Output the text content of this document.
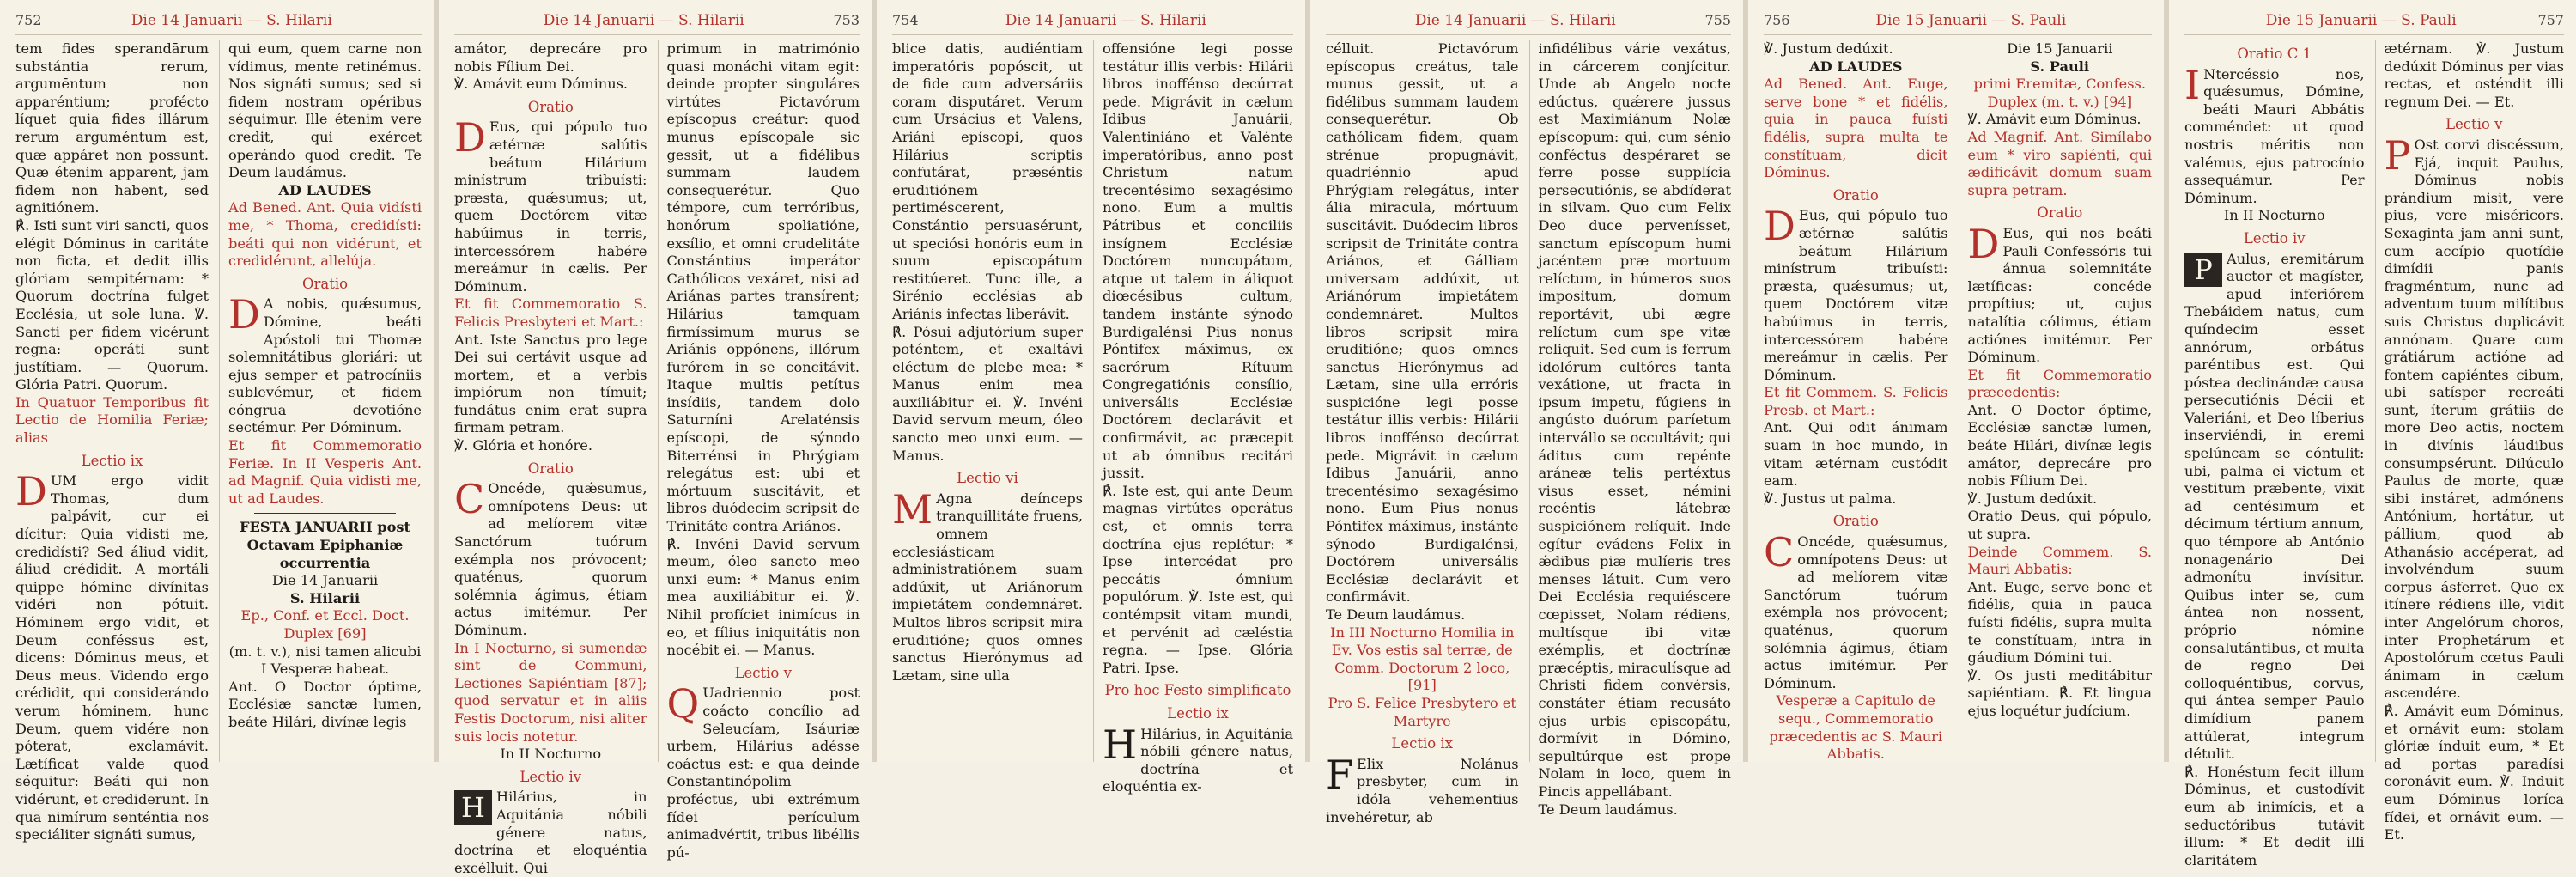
752	Die 14 Januarii — S. Hilarii

tem fides sperandārum substántia rerum, argumēntum non apparéntium; profécto líquet quia fides illárum rerum arguméntum est, quæ appáret non possunt. Quæ étenim apparent, jam fidem non habent, sed agnitiónem.

℟. Isti sunt viri sancti, quos elégit Dóminus in caritáte non ficta, et dedit illis glóriam sempitérnam: * Quorum doctrína fulget Ecclésia, ut sole luna. ℣. Sancti per fidem vicérunt regna: operáti sunt justítiam. — Quorum. Glória Patri. Quorum.

In Quatuor Temporibus fit Lectio de Homilia Feriæ; alias

Lectio ix

DUM ergo vidit Thomas, dum palpávit, cur ei dícitur: Quia vidisti me, credidísti? Sed áliud vidit, áliud crédidit. A mortáli quippe hómine divínitas vidéri non pótuit. Hóminem ergo vidit, et Deum conféssus est, dicens: Dóminus meus, et Deus meus. Videndo ergo crédidit, qui considerándo verum hóminem, hunc Deum, quem vidére non póterat, exclamávit. Lætíficat valde quod séquitur: Beáti qui non vidérunt, et crediderunt. In qua nimírum senténtia nos speciáliter signáti sumus,

qui eum, quem carne non vídimus, mente retinémus. Nos signáti sumus; sed si fidem nostram opéribus séquimur. Ille étenim vere credit, qui exércet operándo quod credit. Te Deum laudámus.

AD LAUDES

Ad Bened. Ant. Quia vidísti me, * Thoma, credidísti: beáti qui non vidérunt, et credidérunt, allelúja.

Oratio

D A nobis, quǽsumus, Dómine, beáti Apóstoli tui Thomæ solemnitátibus gloriári: ut ejus semper et patrocíniis sublevémur, et fidem cóngrua devotióne sectémur. Per Dóminum.

Et fit Commemoratio Feriæ. In II Vesperis Ant. ad Magnif. Quia vidisti me, ut ad Laudes.

FESTA JANUARII post Octavam Epiphaniæ occurrentia

Die 14 Januarii

S. Hilarii

Ep., Conf. et Eccl. Doct. Duplex [69]

(m. t. v.), nisi tamen alicubi I Vesperæ habeat.

Ant. O Doctor óptime, Ecclésiæ sanctæ lumen, beáte Hilári, divínæ legis

Die 14 Januarii — S. Hilarii	753

amátor, deprecáre pro nobis Fílium Dei.

℣. Amávit eum Dóminus.

Oratio

D Eus, qui pópulo tuo ætérnæ salútis beátum Hilárium minístrum tribuísti: præsta, quǽsumus; ut, quem Doctórem vitæ habúimus in terris, intercessórem habére mereámur in cælis. Per Dóminum.

Et fit Commemoratio S. Felicis Presbyteri et Mart.:

Ant. Iste Sanctus pro lege Dei sui certávit usque ad mortem, et a verbis impiórum non tímuit; fundátus enim erat supra firmam petram.

℣. Glória et honóre.

Oratio

C Oncéde, quǽsumus, omnípotens Deus: ut ad melíorem vitæ Sanctórum tuórum exémpla nos próvocent; quaténus, quorum solémnia ágimus, étiam actus imitémur. Per Dóminum.

In I Nocturno, si sumendæ sint de Communi, Lectiones Sapiéntiam [87]; quod servatur et in aliis Festis Doctorum, nisi aliter suis locis notetur.

In II Nocturno

Lectio iv

H Hilárius, in Aquitánia nóbili génere natus, doctrína et eloquéntia excélluit. Qui

primum in matrimónio quasi monáchi vitam egit: deinde propter singuláres virtútes Pictavórum epíscopus creátur: quod munus epíscopale sic gessit, ut a fidélibus summam laudem consequerétur. Quo témpore, cum terróribus, honórum spoliatióne, exsílio, et omni crudelitáte Constántius imperátor Cathólicos vexáret, nisi ad Ariánas partes transírent; Hilárius tamquam firmíssimum murus se Ariánis oppónens, illórum furórem in se concitávit. Itaque multis petítus insídiis, tandem dolo Saturníni Arelaténsis epíscopi, de sýnodo Biterrénsi in Phrýgiam relegátus est: ubi et mórtuum suscitávit, et libros duódecim scripsit de Trinitáte contra Ariános.

℟. Invéni David servum meum, óleo sancto meo unxi eum: * Manus enim mea auxiliábitur ei. ℣. Nihil profíciet inimícus in eo, et fílius iniquitátis non nocébit ei. — Manus.

Lectio v

Q Uadriennio post coácto concílio ad Seleucíam, Isáuriæ urbem, Hilárius adésse coáctus est: e qua deinde Constantinópolim proféctus, ubi extrémum fídei perículum animadvértit, tribus libéllis pú-

754	Die 14 Januarii — S. Hilarii

blice datis, audiéntiam imperatóris popóscit, ut de fide cum adversáriis coram disputáret. Verum cum Ursácius et Valens, Ariáni epíscopi, quos Hilárius scriptis confutárat, præséntis eruditiónem pertiméscerent, Constántio persuasérunt, ut speciósi honóris eum in suum episcopátum restitúeret. Tunc ille, a Sirénio ecclésias ab Ariánis infectas liberávit.

℟. Pósui adjutórium super poténtem, et exaltávi eléctum de plebe mea: * Manus enim mea auxiliábitur ei. ℣. Invéni David servum meum, óleo sancto meo unxi eum. — Manus.

Lectio vi

M Agna deínceps tranquillitáte fruens, omnem ecclesiásticam administratiónem suam addúxit, ut Ariánorum impietátem condemnáret. Multos libros scripsit mira eruditióne; quos omnes sanctus Hierónymus ad Lætam, sine ulla

offensióne legi posse testátur illis verbis: Hilárii libros inoffénso decúrrat pede. Migrávit in cælum Idibus Januárii, Valentiniáno et Valénte imperatóribus, anno post Christum natum trecentésimo sexagésimo nono. Eum a multis Pátribus et conciliis insígnem Ecclésiæ Doctórem nuncupátum, atque ut talem in áliquot diœcésibus cultum, tandem instánte sýnodo Burdigalénsi Pius nonus Póntifex máximus, ex sacrórum Rítuum Congregatiónis consílio, universális Ecclésiæ Doctórem declarávit et confirmávit, ac præcepit ut ab ómnibus recitári jussit.

℟. Iste est, qui ante Deum magnas virtútes operátus est, et omnis terra doctrína ejus replétur: * Ipse intercédat pro peccátis ómnium populórum. ℣. Iste est, qui contémpsit vitam mundi, et pervénit ad cæléstia regna. — Ipse. Glória Patri. Ipse.

Pro hoc Festo simplificato

Lectio ix

H Hilárius, in Aquitánia nóbili génere natus, doctrína et eloquéntia ex-

Die 14 Januarii — S. Hilarii	755

célluit. Pictavórum epíscopus creátus, tale munus gessit, ut a fidélibus summam laudem consequerétur. Ob cathólicam fidem, quam strénue propugnávit, quadriénnio apud Phrýgiam relegátus, inter ália miracula, mórtuum suscitávit. Duódecim libros scripsit de Trinitáte contra Ariános, et Gálliam universam addúxit, ut Ariánórum impietátem condemnáret. Multos libros scripsit mira eruditióne; quos omnes sanctus Hierónymus ad Lætam, sine ulla erróris suspicióne legi posse testátur illis verbis: Hilárii libros inoffénso decúrrat pede. Migrávit in cælum Idibus Januárii, anno trecentésimo sexagésimo nono. Eum Pius nonus Póntifex máximus, instánte sýnodo Burdigalénsi, Doctórem universális Ecclésiæ declarávit et confirmávit.

Te Deum laudámus.

In III Nocturno Homilia in Ev. Vos estis sal terræ, de Comm. Doctorum 2 loco, [91]

Pro S. Felice Presbytero et Martyre

Lectio ix

F Elix Nolánus presbyter, cum in idóla vehementius invehéretur, ab

infidélibus várie vexátus, in cárcerem conjícitur. Unde ab Angelo nocte edúctus, quǽrere jussus est Maximiánum Nolæ epíscopum: qui, cum sénio conféctus despéraret se ferre posse supplícia persecutiónis, se abdíderat in silvam. Quo cum Felix Deo duce pervenísset, sanctum epíscopum humi jacéntem præ mortuum relíctum, in húmeros suos impositum, domum reportávit, ubi ægre relíctum cum spe vitæ reliquit. Sed cum is ferrum idolórum cultóres tanta vexátione, ut fracta in ipsum impetu, fúgiens in angústo duórum paríetum intervállo se occultávit; qui áditus cum repénte aráneæ telis pertéxtus visus esset, némini recéntis látebræ suspiciónem relíquit. Inde egítur evádens Felix in ǽdibus piæ mulíeris tres menses látuit. Cum vero Dei Ecclésia requiéscere cœpisset, Nolam rédiens, multísque ibi vitæ exémplis, et doctrínæ præcéptis, miraculísque ad Christi fidem convérsis, constáter étiam recusáto ejus urbis episcopátu, dormívit in Dómino, sepultúrque est prope Nolam in loco, quem in Pincis appellábant.

Te Deum laudámus.

756	Die 15 Januarii — S. Pauli

℣. Justum dedúxit.

AD LAUDES

Ad Bened. Ant. Euge, serve bone * et fidélis, quia in pauca fuísti fidélis, supra multa te constítuam, dicit Dóminus.

Oratio

D Eus, qui pópulo tuo ætérnæ salútis beátum Hilárium minístrum tribuísti: præsta, quǽsumus; ut, quem Doctórem vitæ habúimus in terris, intercessórem habére mereámur in cælis. Per Dóminum.

Et fit Commem. S. Felicis Presb. et Mart.:

Ant. Qui odit ánimam suam in hoc mundo, in vitam ætérnam custódit eam.

℣. Justus ut palma.

Oratio

C Oncéde, quǽsumus, omnípotens Deus: ut ad melíorem vitæ Sanctórum tuórum exémpla nos próvocent; quaténus, quorum solémnia ágimus, étiam actus imitémur. Per Dóminum.

Vesperæ a Capitulo de sequ., Commemoratio præcedentis ac S. Mauri Abbatis.

Die 15 Januarii

S. Pauli

primi Eremitæ, Confess. Duplex (m. t. v.) [94]

℣. Amávit eum Dóminus.

Ad Magnif. Ant. Simílabo eum * viro sapiénti, qui ædificávit domum suam supra petram.

Oratio

D Eus, qui nos beáti Pauli Confessóris tui ánnua solemnitáte lætíficas: concéde propítius; ut, cujus natalítia cólimus, étiam actiónes imitémur. Per Dóminum.

Et fit Commemoratio præcedentis:

Ant. O Doctor óptime, Ecclésiæ sanctæ lumen, beáte Hilári, divínæ legis amátor, deprecáre pro nobis Fílium Dei.

℣. Justum dedúxit.

Oratio Deus, qui pópulo, ut supra.

Deinde Commem. S. Mauri Abbatis:

Ant. Euge, serve bone et fidélis, quia in pauca fuísti fidélis, supra multa te constítuam, intra in gáudium Dómini tui.

℣. Os justi meditábitur sapiéntiam. ℟. Et lingua ejus loquétur judícium.

Die 15 Januarii — S. Pauli	757

Oratio C 1

I Ntercéssio nos, quǽsumus, Dómine, beáti Mauri Abbátis comméndet: ut quod nostris méritis non valémus, ejus patrocínio assequámur. Per Dóminum.

In II Nocturno

Lectio iv

P	Aulus, eremitárum auctor et magíster, apud inferiórem Thebáidem natus, cum quíndecim esset annórum, orbátus paréntibus est. Qui póstea declinándæ causa persecutiónis Décii et Valeriáni, et Deo líberius inserviéndi, in eremi spelúncam se cóntulit: ubi, palma ei victum et vestitum præbente, vixit ad centésimum et décimum tértium annum, quo témpore ab António nonagenário Dei admonítu invísitur. Quibus inter se, cum ántea non nossent, próprio nómine consalutántibus, et multa de regno Dei colloquéntibus, corvus, qui ántea semper Paulo dimídium panem attúlerat, integrum détulit.

℟. Honéstum fecit illum Dóminus, et custodívit eum ab inimícis, et a seductóribus tutávit illum: * Et dedit illi claritátem

ætérnam. ℣. Justum dedúxit Dóminus per vias rectas, et osténdit illi regnum Dei. — Et.

Lectio v

P Ost corvi discéssum, Ejá, inquit Paulus, Dóminus nobis prándium misit, vere pius, vere miséricors. Sexaginta jam anni sunt, cum accípio quotídie dimídii panis fragméntum, nunc ad adventum tuum milítibus suis Christus duplicávit annónam. Quare cum grátiárum actióne ad fontem capiéntes cibum, ubi satísper recreáti sunt, íterum grátiis de more Deo actis, noctem in divínis láudibus consumpsérunt. Dilúculo Paulus de morte, quæ sibi instáret, admónens Antónium, hortátur, ut pállium, quod ab Athanásio accéperat, ad involvéndum suum corpus ásferret. Quo ex itínere rédiens ille, vidit inter Angelórum choros, inter Prophetárum et Apostolórum cœtus Pauli ánimam in cælum ascendére.

℟. Amávit eum Dóminus, et ornávit eum: stolam glóriæ índuit eum, * Et ad portas paradísi coronávit eum. ℣. Induit eum Dóminus loríca fídei, et ornávit eum. — Et.
